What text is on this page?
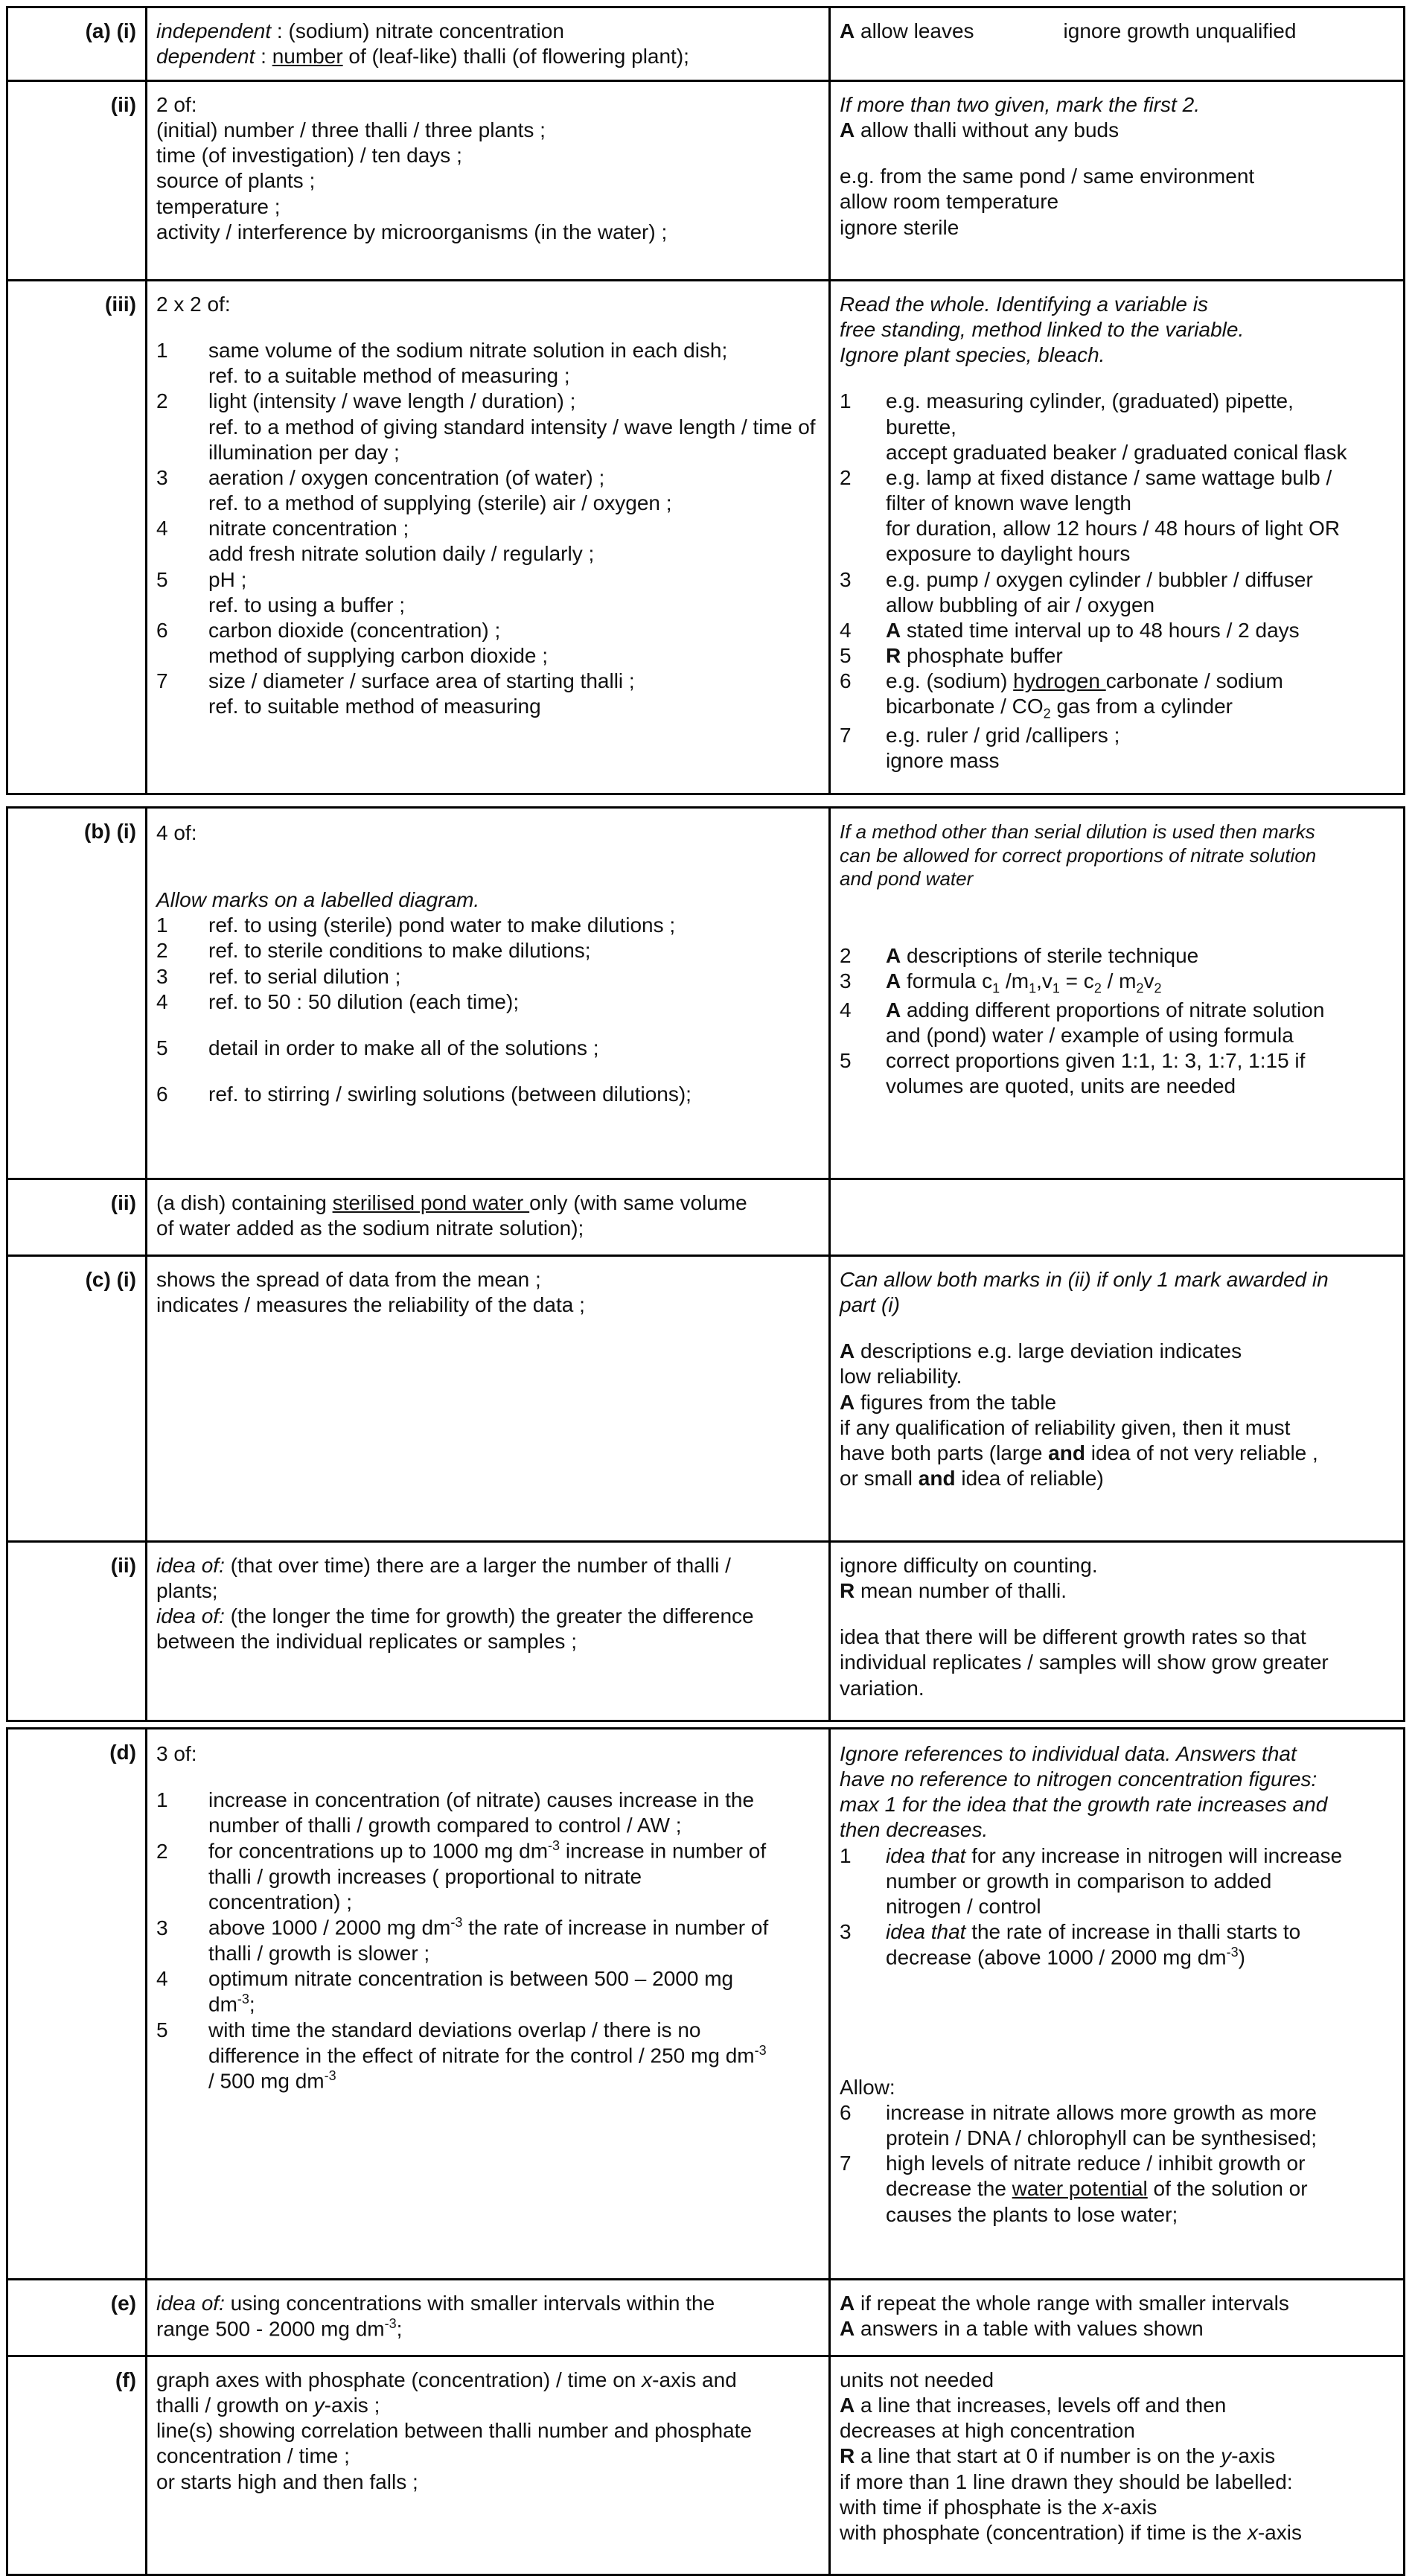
(a) (i) independent : (sodium) nitrate concentration
dependent : number of (leaf-like) thalli (of flowering plant);
A allow leaves	ignore growth unqualified
(ii) 2 of:
(initial) number / three thalli / three plants ;
time (of investigation) / ten days ;
source of plants ;
temperature ;
activity / interference by microorganisms (in the water) ;
If more than two given, mark the first 2.
A allow thalli without any buds
e.g. from the same pond / same environment
allow room temperature
ignore sterile
(iii) 2 x 2 of:
1 same volume of the sodium nitrate solution in each dish;
ref. to a suitable method of measuring ;
2 light (intensity / wave length / duration) ;
ref. to a method of giving standard intensity / wave length / time of illumination per day ;
3 aeration / oxygen concentration (of water) ;
ref. to a method of supplying (sterile) air / oxygen ;
4 nitrate concentration ;
add fresh nitrate solution daily / regularly ;
5 pH ;
ref. to using a buffer ;
6 carbon dioxide (concentration) ;
method of supplying carbon dioxide ;
7 size / diameter / surface area of starting thalli ;
ref. to suitable method of measuring
Read the whole. Identifying a variable is
free standing, method linked to the variable.
Ignore plant species, bleach.
1 e.g. measuring cylinder, (graduated) pipette,
burette,
accept graduated beaker / graduated conical flask
2 e.g. lamp at fixed distance / same wattage bulb /
filter of known wave length
for duration, allow 12 hours / 48 hours of light OR
exposure to daylight hours
3 e.g. pump / oxygen cylinder / bubbler / diffuser
allow bubbling of air / oxygen
4 A stated time interval up to 48 hours / 2 days
5 R phosphate buffer
6 e.g. (sodium) hydrogen carbonate / sodium
bicarbonate / $CO_2$ gas from a cylinder
7 e.g. ruler / grid /callipers ;
ignore mass
(b) (i) 4 of:
Allow marks on a labelled diagram.
1 ref. to using (sterile) pond water to make dilutions ;
2 ref. to sterile conditions to make dilutions;
3 ref. to serial dilution ;
4 ref. to 50 : 50 dilution (each time);
5 detail in order to make all of the solutions ;
6 ref. to stirring / swirling solutions (between dilutions);
If a method other than serial dilution is used then marks
can be allowed for correct proportions of nitrate solution
and pond water
2 A descriptions of sterile technique
3 A formula $c_1$ $/m_1,v_1 = c_2 / m_2v_2$
4 A adding different proportions of nitrate solution
and (pond) water / example of using formula
5 correct proportions given 1:1, 1: 3, 1:7, 1:15 if
volumes are quoted, units are needed
(ii) (a dish) containing sterilised pond water only (with same volume
of water added as the sodium nitrate solution);
(c) (i) shows the spread of data from the mean ;
indicates / measures the reliability of the data ;
Can allow both marks in (ii) if only 1 mark awarded in
part (i)
A descriptions e.g. large deviation indicates
low reliability.
A figures from the table
if any qualification of reliability given, then it must
have both parts (large and idea of not very reliable ,
or small and idea of reliable)
(ii) idea of: (that over time) there are a larger the number of thalli /
plants;
idea of: (the longer the time for growth) the greater the difference
between the individual replicates or samples ;
ignore difficulty on counting.
R mean number of thalli.
idea that there will be different growth rates so that
individual replicates / samples will show grow greater
variation.
(d) 3 of:
1 increase in concentration (of nitrate) causes increase in the
number of thalli / growth compared to control / AW ;
2 for concentrations up to 1000 mg $dm^{-3}$ increase in number of
thalli / growth increases ( proportional to nitrate
concentration) ;
3 above 1000 / 2000 mg $dm^{-3}$ the rate of increase in number of
thalli / growth is slower ;
4 optimum nitrate concentration is between 500 – 2000 mg
$dm^{-3}$;
5 with time the standard deviations overlap / there is no
difference in the effect of nitrate for the control / 250 mg $dm^{-3}$
/ 500 mg $dm^{-3}$
Ignore references to individual data. Answers that
have no reference to nitrogen concentration figures:
max 1 for the idea that the growth rate increases and
then decreases.
1 idea that for any increase in nitrogen will increase
number or growth in comparison to added
nitrogen / control
3 idea that the rate of increase in thalli starts to
decrease (above 1000 / 2000 mg $dm^{-3}$)
Allow:
6 increase in nitrate allows more growth as more
protein / DNA / chlorophyll can be synthesised;
7 high levels of nitrate reduce / inhibit growth or
decrease the water potential of the solution or
causes the plants to lose water;
(e) idea of: using concentrations with smaller intervals within the
range 500 - 2000 mg $dm^{-3}$;
A if repeat the whole range with smaller intervals
A answers in a table with values shown
(f) graph axes with phosphate (concentration) / time on x-axis and
thalli / growth on y-axis ;
line(s) showing correlation between thalli number and phosphate
concentration / time ;
or starts high and then falls ;
units not needed
A a line that increases, levels off and then
decreases at high concentration
R a line that start at 0 if number is on the y-axis
if more than 1 line drawn they should be labelled:
with time if phosphate is the x-axis
with phosphate (concentration) if time is the x-axis
